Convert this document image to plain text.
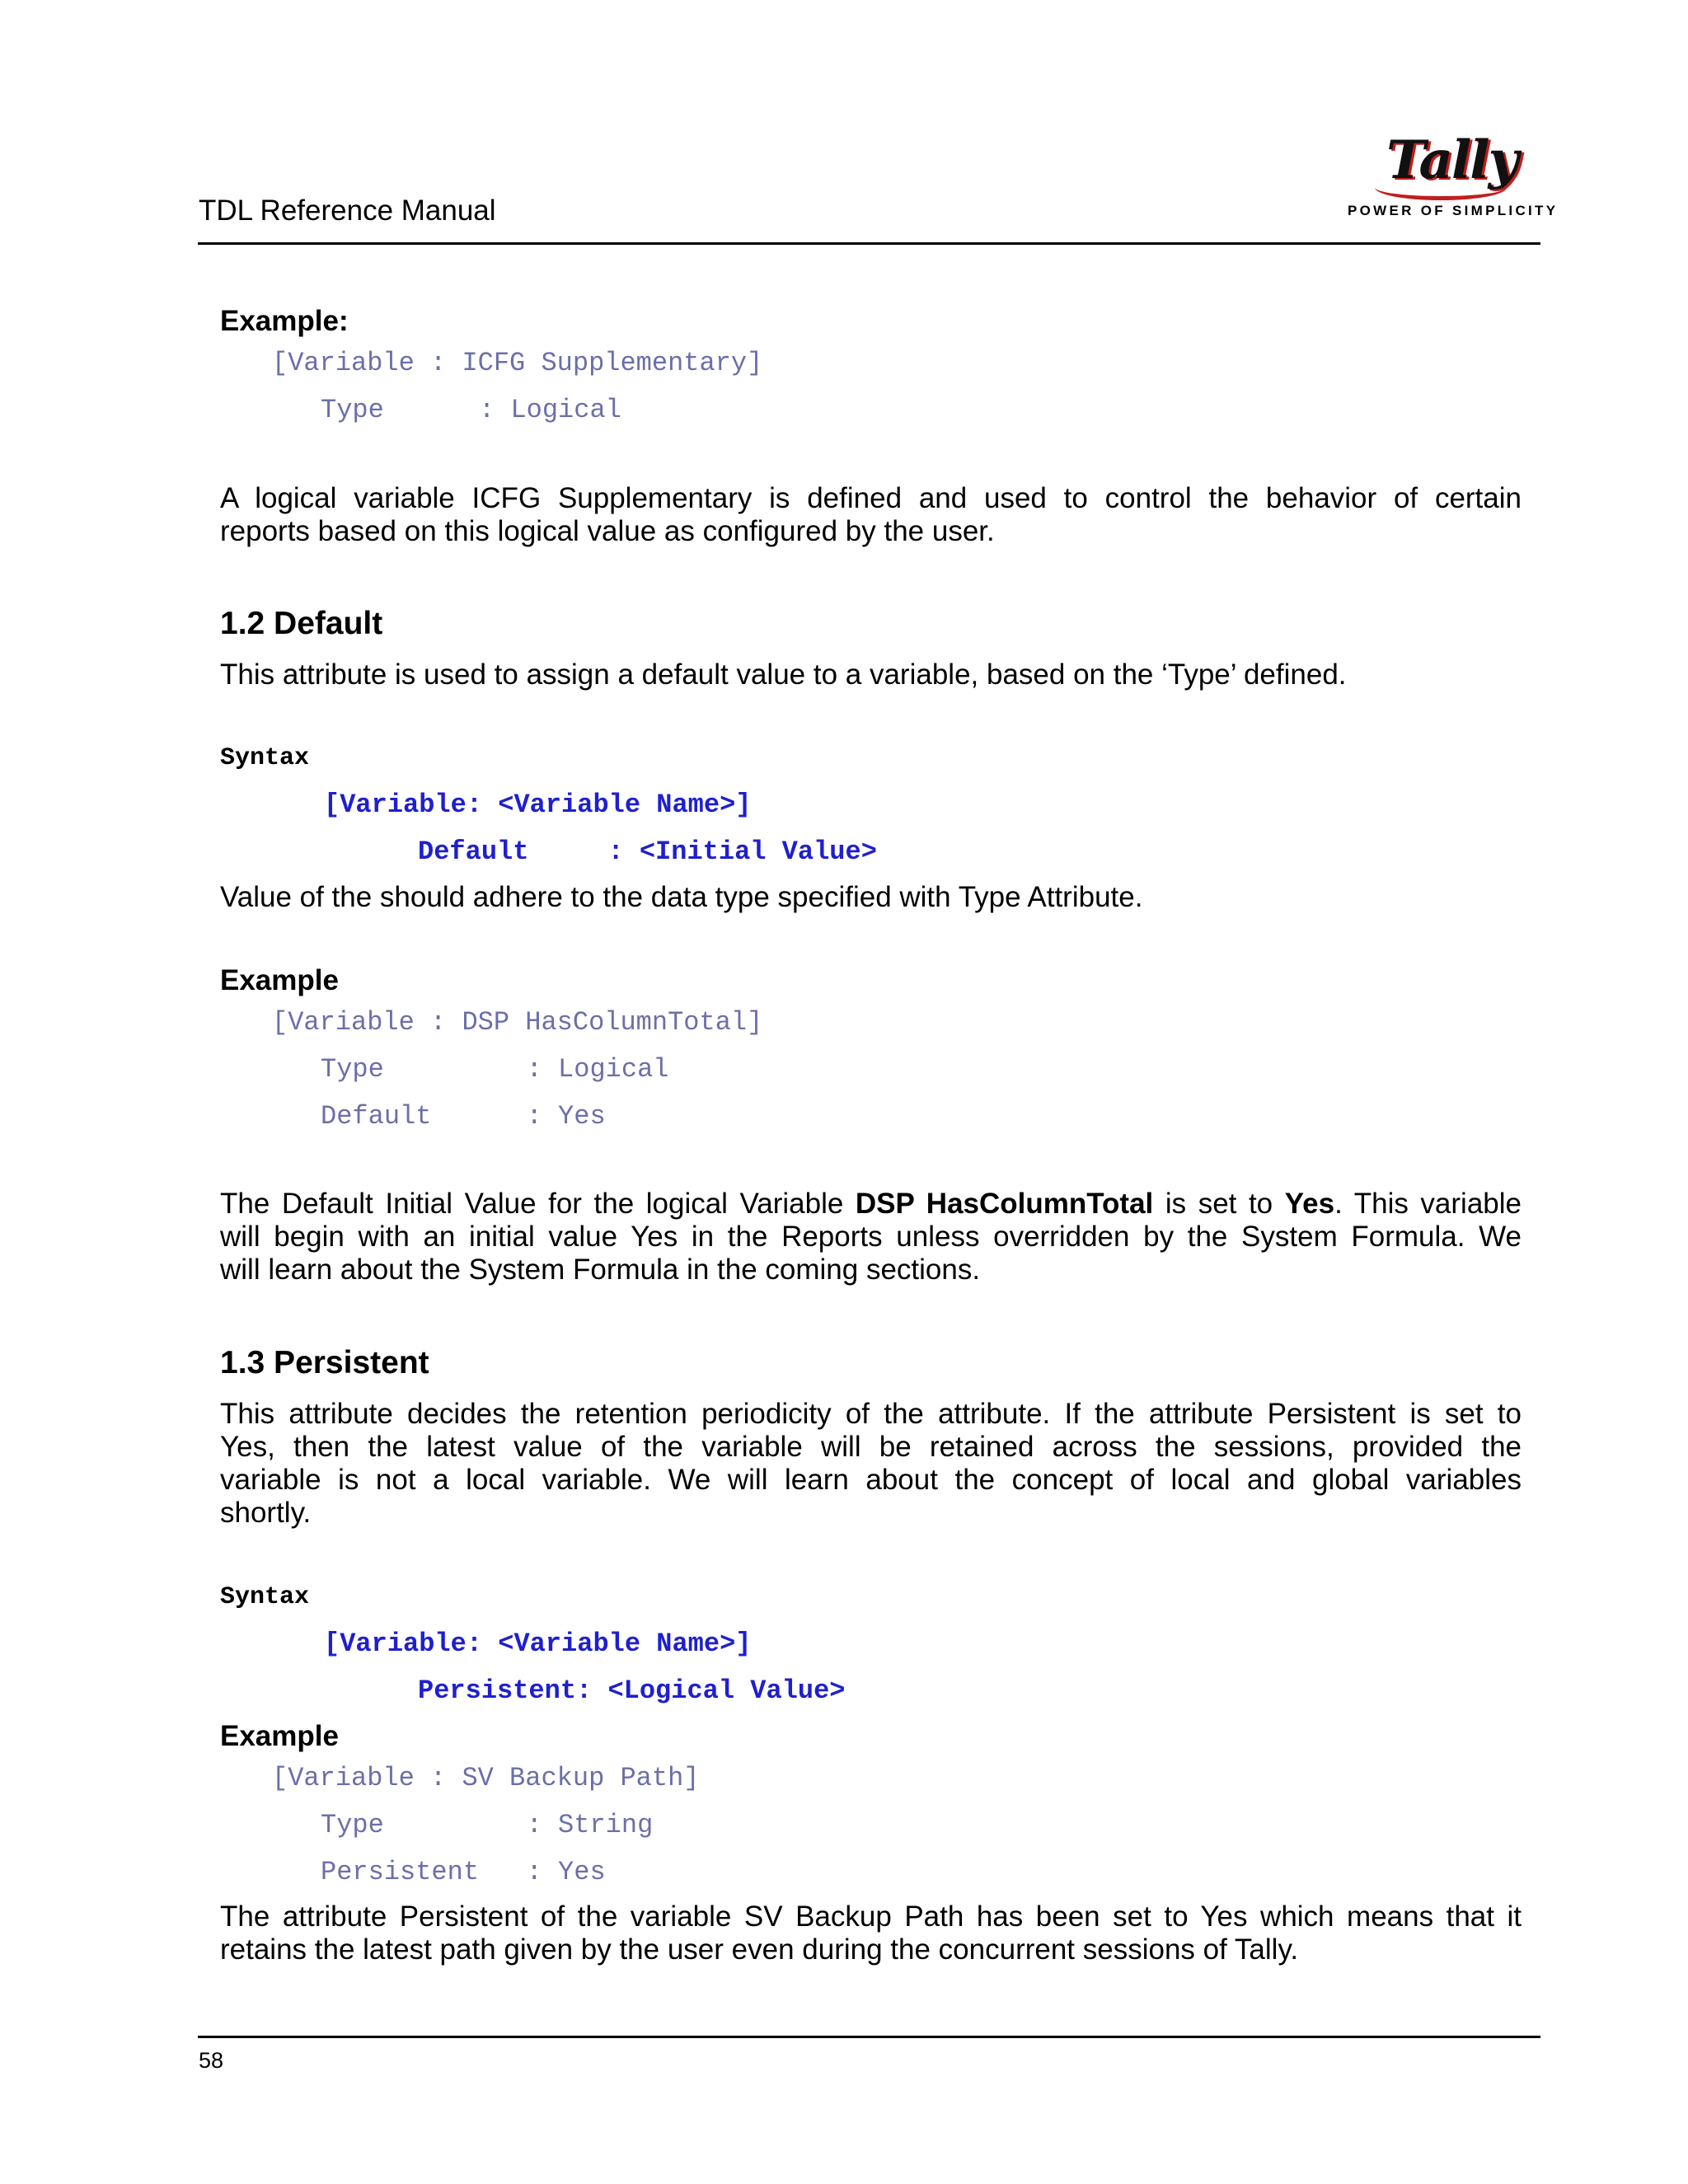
TDL Reference Manual
Tally
POWER OF SIMPLICITY
Example:
[Variable : ICFG Supplementary]
Type      : Logical
A logical variable ICFG Supplementary is defined and used to control the behavior of certain
reports based on this logical value as configured by the user.
1.2 Default
This attribute is used to assign a default value to a variable, based on the ‘Type’ defined.
Syntax
[Variable: <Variable Name>]
Default     : <Initial Value>
Value of the should adhere to the data type specified with Type Attribute.
Example
[Variable : DSP HasColumnTotal]
Type         : Logical
Default      : Yes
The Default Initial Value for the logical Variable DSP HasColumnTotal is set to Yes. This variable
will begin with an initial value Yes in the Reports unless overridden by the System Formula. We
will learn about the System Formula in the coming sections.
1.3 Persistent
This attribute decides the retention periodicity of the attribute. If the attribute Persistent is set to
Yes, then the latest value of the variable will be retained across the sessions, provided the
variable is not a local variable. We will learn about the concept of local and global variables
shortly.
Syntax
[Variable: <Variable Name>]
Persistent: <Logical Value>
Example
[Variable : SV Backup Path]
Type         : String
Persistent   : Yes
The attribute Persistent of the variable SV Backup Path has been set to Yes which means that it
retains the latest path given by the user even during the concurrent sessions of Tally.
58
